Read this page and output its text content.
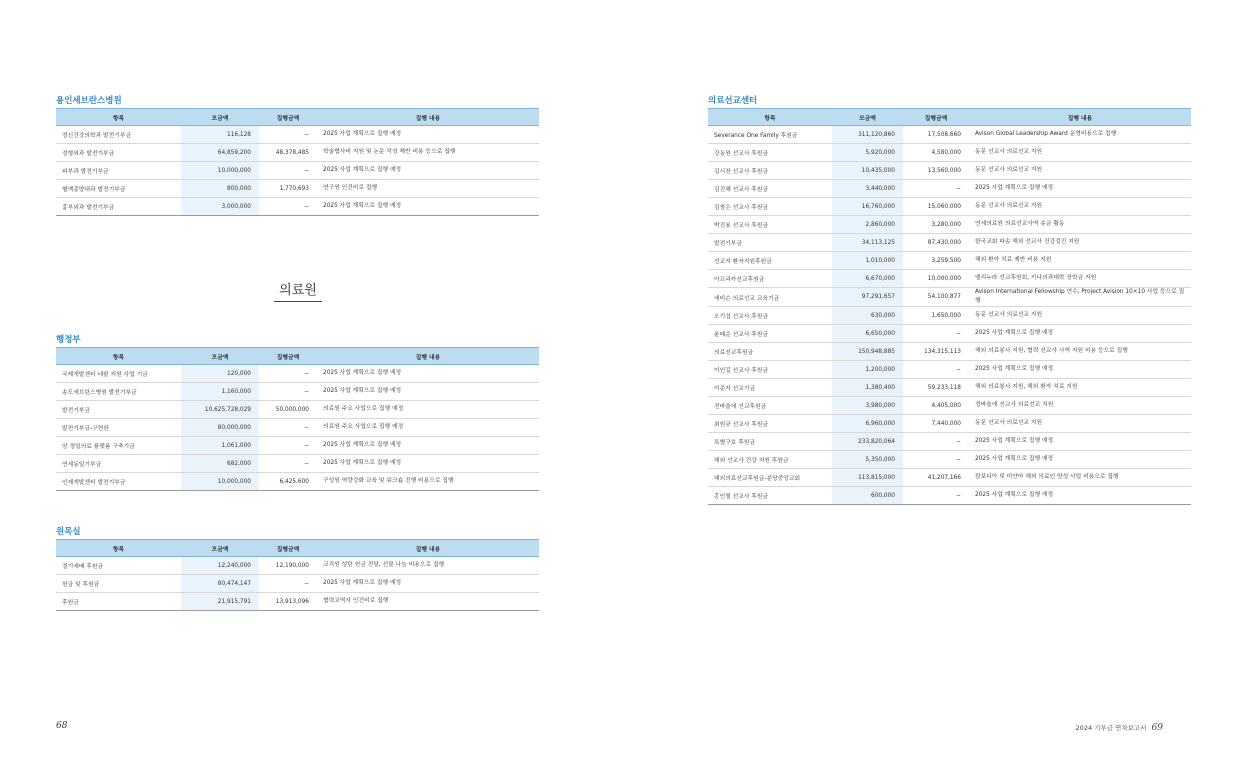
용인세브란스병원
항목	모금액	집행금액	집행 내용
정신건강의학과 발전기부금	116,128	−	2025 사업 계획으로 집행 예정
정형외과 발전기부금	64,859,200	48,378,485	학술협사비 지원 및 논문 작성 제반 비용 등으로 집행
피부과 발전기부금	10,000,000	−	2025 사업 계획으로 집행 예정
혈액종양내과 발전기부금	800,000	1,770,693	연구원 인건비로 집행
흉부외과 발전기부금	3,000,000	−	2025 사업 계획으로 집행 예정
의료원
행정부
항목	모금액	집행금액	집행 내용
국제개발센터 네팔 지원 사업 기금	120,000	−	2025 사업 계획으로 집행 예정
송도세브란스병원 발전기부금	1,160,000	−	2025 사업 계획으로 집행 예정
발전기부금	10,625,728,029	50,000,000	의료원 주요 사업으로 집행 예정
발전기부금-구현완	80,000,000	−	의료원 주요 사업으로 집행 예정
암 정밀의료 플랫폼 구축기금	1,061,000	−	2025 사업 계획으로 집행 예정
연세동일기부금	682,000	−	2025 사업 계획으로 집행 예정
인재개발센터 발전기부금	10,000,000	6,425,600	구성원 역량강화 교육 및 워크숍 진행 비용으로 집행
원목실
항목	모금액	집행금액	집행 내용
절기예배 후원금	12,240,000	12,190,000	교직원 성탄 헌금 전달, 선물 나눔 비용으로 집행
헌금 및 후원금	80,474,147	−	2025 사업 계획으로 집행 예정
후원금	21,915,791	13,913,096	협력교역자 인건비로 집행
의료선교센터
항목	모금액	집행금액	집행 내용
Severance One Family 후원금	311,120,860	17,508,660	Avison Global Leadership Award 운영비용으로 집행
강동원 선교사 후원금	5,920,000	4,580,000	동문 선교사 의료선교 지원
김시찬 선교사 후원금	10,435,000	13,560,000	동문 선교사 의료선교 지원
김진혜 선교사 후원금	3,440,000	−	2025 사업 계획으로 집행 예정
김창은 선교사 후원금	16,760,000	15,060,000	동문 선교사 의료선교 지원
박진용 선교사 후원금	2,860,000	3,280,000	연세의료원 의료선교사역 송금 활동
발전기부금	34,113,125	87,430,000	한국교회 파송 해외 선교사 건강검진 지원
선교지 환자지원후원금	1,010,000	3,259,500	해외 환아 치료 제반 비용 지원
아프리카선교후원금	6,670,000	10,000,000	엘리누라 선교후원회, 키나의과대학 장학금 지원
에비슨 의료선교 교육기금	97,291,657	54,100,877	Avison International Fellowship 연수, Project Avision 10×10 사업 등으로 집행
오기섭 선교사 후원금	630,000	1,650,000	동문 선교사 의료선교 지원
윤태순 선교사 후원금	6,650,000	−	2025 사업 계획으로 집행 예정
의료선교후원금	150,948,885	134,315,113	해외 의료봉사 지원, 협력 선교사 사역 지원 비용 등으로 집행
이인길 선교사 후원금	1,200,000	−	2025 사업 계획으로 집행 예정
이준자 선교기금	1,380,400	59,233,118	해외 의료봉사 지원, 해외 환자 치료 지원
전바울에 선교후원금	3,980,000	4,405,000	정바울에 선교사 의료선교 지원
최원규 선교사 후원금	6,960,000	7,440,000	동문 선교사 의료선교 지원
특별구호 후원금	233,820,064	−	2025 사업 계획으로 집행 예정
해외 선교사 건강 지원 후원금	5,350,000	−	2025 사업 계획으로 집행 예정
해외의료선교후원금-분당중앙교회	113,815,000	41,207,166	캄보디아 및 미얀마 해외 의료인 양성 사업 비용으로 집행
홍인철 선교사 후원금	600,000	−	2025 사업 계획으로 집행 예정
68	2024 기부금 연차보고서 69
